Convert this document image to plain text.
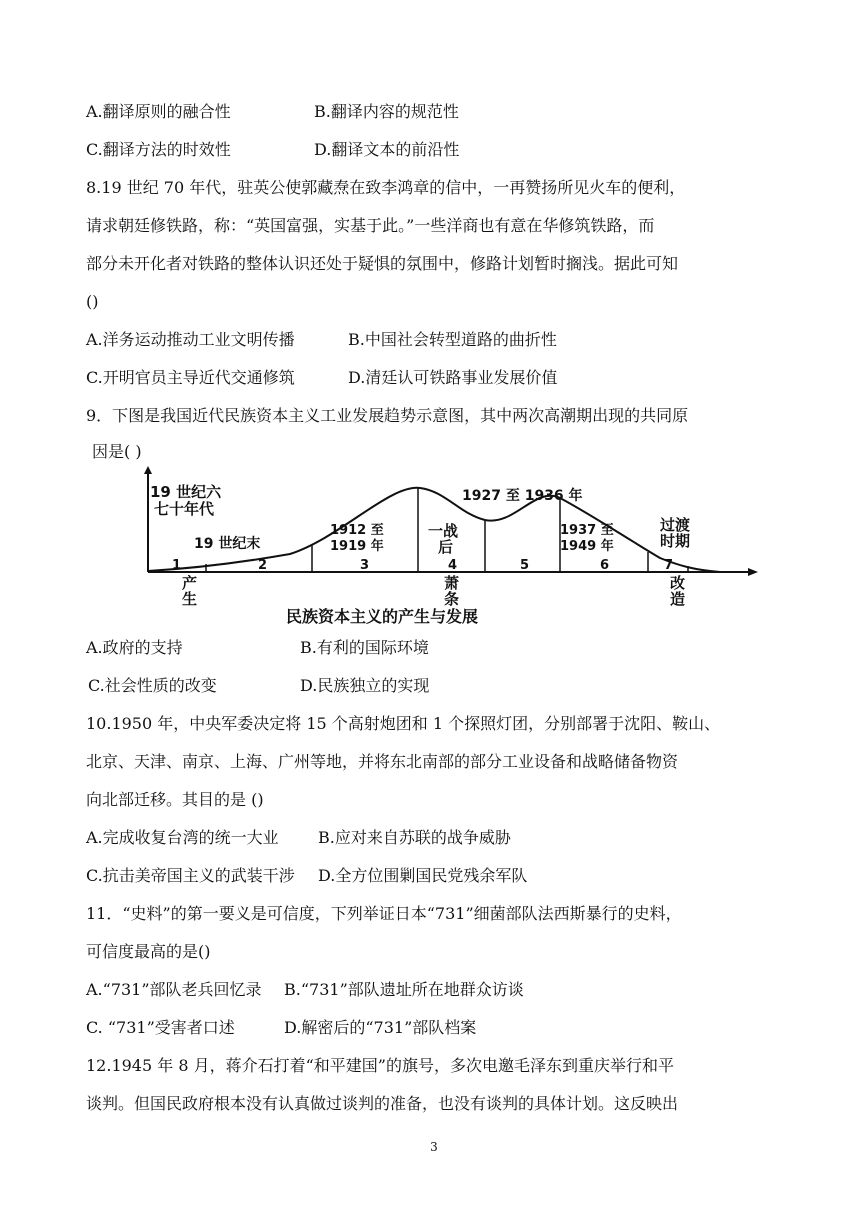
A.翻译原则的融合性	B.翻译内容的规范性
C.翻译方法的时效性	D.翻译文本的前沿性
8.19 世纪 70 年代，驻英公使郭藏焘在致李鸿章的信中，一再赞扬所见火车的便利，
请求朝廷修铁路，称：“英国富强，实基于此。”一些洋商也有意在华修筑铁路，而
部分未开化者对铁路的整体认识还处于疑惧的氛围中，修路计划暂时搁浅。据此可知
()
A.洋务运动推动工业文明传播	B.中国社会转型道路的曲折性
C.开明官员主导近代交通修筑	D.清廷认可铁路事业发展价值
9．下图是我国近代民族资本主义工业发展趋势示意图，其中两次高潮期出现的共同原
因是( )
19 世纪六
七十年代
19 世纪末
1912 至
1919 年
一战
后
1927 至 1936 年
1937 至
1949 年
过渡
时期
1	2	3	4	5	6	7
产
生
萧
条
改
造
民族资本主义的产生与发展
A.政府的支持	B.有利的国际环境
C.社会性质的改变	D.民族独立的实现
10.1950 年，中央军委决定将 15 个高射炮团和 1 个探照灯团，分别部署于沈阳、鞍山、
北京、天津、南京、上海、广州等地，并将东北南部的部分工业设备和战略储备物资
向北部迁移。其目的是 ()
A.完成收复台湾的统一大业 B.应对来自苏联的战争威胁
C.抗击美帝国主义的武装干涉 D.全方位围剿国民党残余军队
11．“史料”的第一要义是可信度，下列举证日本“731”细菌部队法西斯暴行的史料，
可信度最高的是()
A.“731”部队老兵回忆录 B.“731”部队遗址所在地群众访谈
C. “731”受害者口述	D.解密后的“731”部队档案
12.1945 年 8 月，蒋介石打着“和平建国”的旗号，多次电邀毛泽东到重庆举行和平
谈判。但国民政府根本没有认真做过谈判的准备，也没有谈判的具体计划。这反映出
3
